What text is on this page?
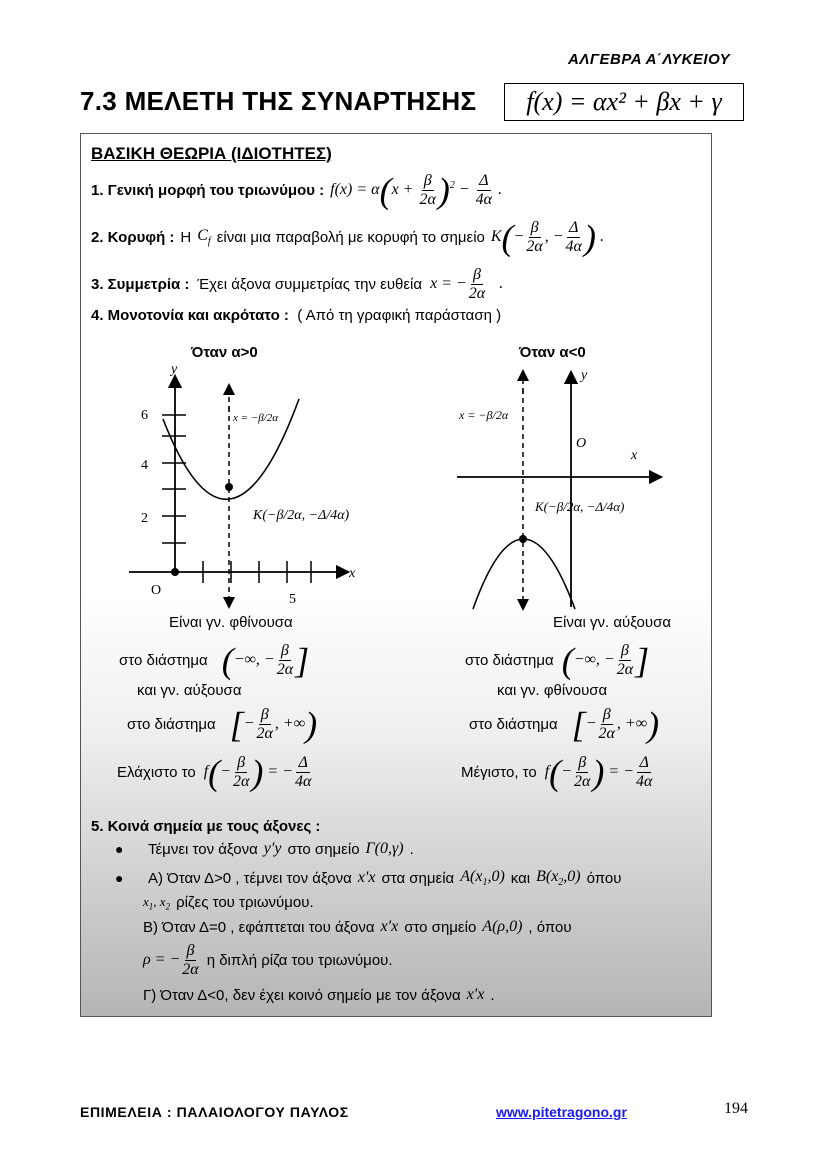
ΑΛΓΕΒΡΑ Α΄ΛΥΚΕΙΟΥ
7.3 ΜΕΛΕΤΗ ΤΗΣ ΣΥΝΑΡΤΗΣΗΣ	f(x) = αx² + βx + γ
ΒΑΣΙΚΗ ΘΕΩΡΙΑ (ΙΔΙΟΤΗΤΕΣ)
1. Γενική μορφή του τριωνύμου : $f(x) = \alpha(x + \frac{\beta}{2\alpha} )^2 - \frac{\Delta}{4\alpha}$ .
2. Κορυφή : Η $C_f$ είναι μια παραβολή με κορυφή το σημείο $K(- \frac{\beta}{2\alpha}$ , − $\frac{\Delta}{4\alpha}$ ) .
3. Συμμετρία : Έχει άξονα συμμετρίας την ευθεία x = − $\frac{\beta}{2\alpha}$ .
4. Μονοτονία και ακρότατο : ( Από τη γραφική παράσταση )
Όταν α>0	Όταν α<0
y
x
O
6
4
2
5
x = −β/2α
K(−β/2α, −Δ/4α)
y
x
O
x = −β/2α
K(−β/2α, −Δ/4α)
Είναι γν. φθίνουσα
στο διάστημα (−∞, − $\frac{\beta}{2\alpha}$ ]
και γν. αύξουσα
στο διάστημα [− $\frac{\beta}{2\alpha}$ , +∞)
Ελάχιστο το $f(- \frac{\beta}{2\alpha}$ ) = − $\frac{\Delta}{4\alpha}$
Είναι γν. αύξουσα
στο διάστημα (−∞, − $\frac{\beta}{2\alpha}$ ]
και γν. φθίνουσα
στο διάστημα [− $\frac{\beta}{2\alpha}$ , +∞)
Μέγιστο, το $f(- \frac{\beta}{2\alpha}$ ) = − $\frac{\Delta}{4\alpha}$
5. Κοινά σημεία με τους άξονες :
●
Τέμνει τον άξονα y′y στο σημείο Γ(0,γ) .
●
Α) Όταν Δ>0 , τέμνει τον άξονα x′x στα σημεία $A(x_1,0)$ και $B(x_2,0)$ όπου
$x_1$, $x_2$ ρίζες του τριωνύμου.
Β) Όταν Δ=0 , εφάπτεται του άξονα x′x στο σημείο A(ρ,0) , όπου
ρ = − $\frac{\beta}{2\alpha}$ η διπλή ρίζα του τριωνύμου.
Γ) Όταν Δ<0, δεν έχει κοινό σημείο με τον άξονα x′x .
ΕΠΙΜΕΛΕΙΑ : ΠΑΛΑΙΟΛΟΓΟΥ ΠΑΥΛΟΣ	www.pitetragono.gr	194
